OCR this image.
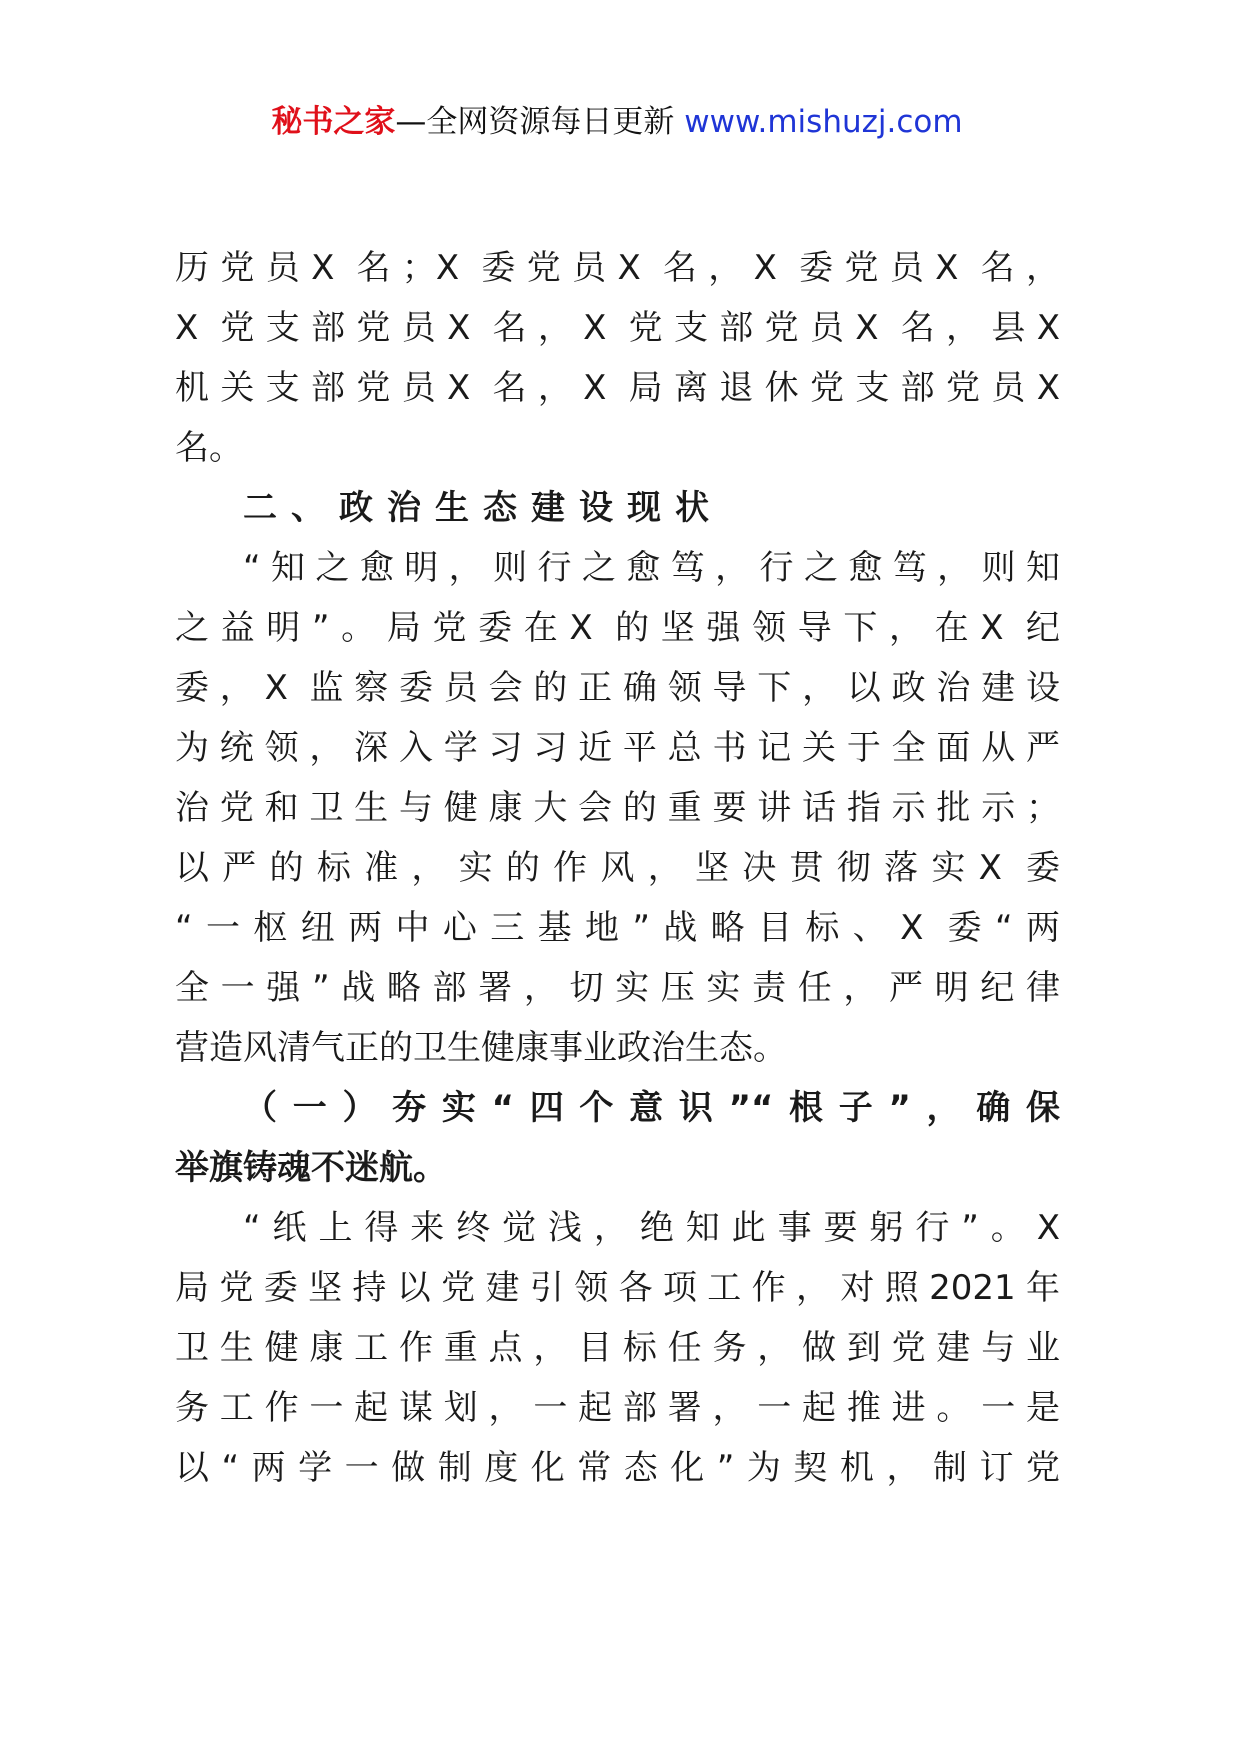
秘书之家—全网资源每日更新 www.mishuzj.com
历党员X 名；X 委党员X 名，X 委党员X 名，
X 党支部党员X 名，X 党支部党员X 名，县X
机关支部党员X 名，X 局离退休党支部党员X
名。
二、政治生态建设现状
“知之愈明，则行之愈笃，行之愈笃，则知
之益明”。局党委在X 的坚强领导下，在X 纪
委，X 监察委员会的正确领导下，以政治建设
为统领，深入学习习近平总书记关于全面从严
治党和卫生与健康大会的重要讲话指示批示；
以严的标准，实的作风，坚决贯彻落实X 委
“一枢纽两中心三基地”战略目标、X 委“两
全一强”战略部署，切实压实责任，严明纪律
营造风清气正的卫生健康事业政治生态。
（一）夯实“四个意识”“根子”，确保
举旗铸魂不迷航。
“纸上得来终觉浅，绝知此事要躬行”。X
局党委坚持以党建引领各项工作，对照2021年
卫生健康工作重点，目标任务，做到党建与业
务工作一起谋划，一起部署，一起推进。一是
以“两学一做制度化常态化”为契机，制订党
